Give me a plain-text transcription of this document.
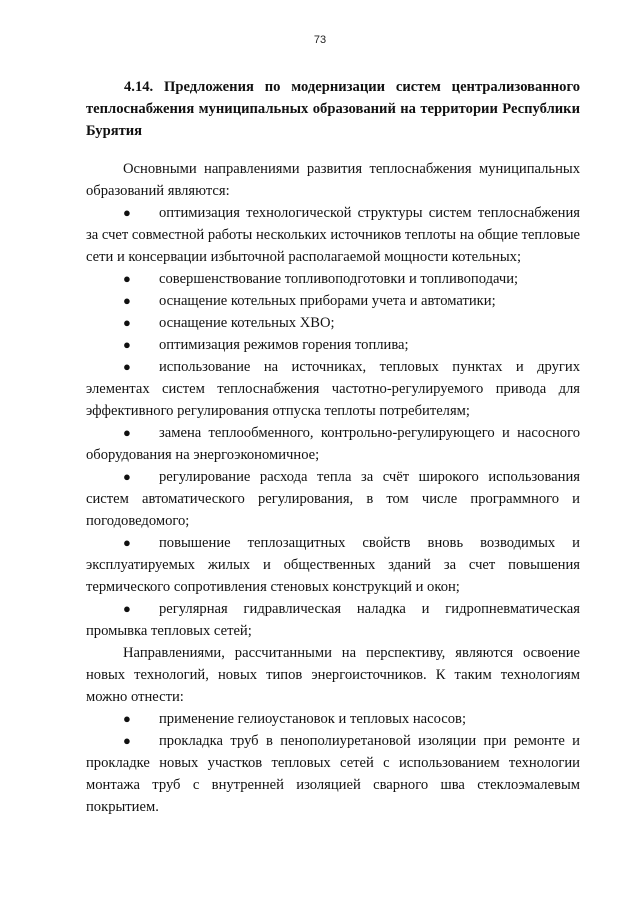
73
4.14. Предложения по модернизации систем централизованного теплоснабжения муниципальных образований на территории Республики Бурятия

Основными направлениями развития теплоснабжения муниципальных образований являются:

● оптимизация технологической структуры систем теплоснабжения за счет совместной работы нескольких источников теплоты на общие тепловые сети и консервации избыточной располагаемой мощности котельных;

● совершенствование топливоподготовки и топливоподачи;

● оснащение котельных приборами учета и автоматики;

● оснащение котельных ХВО;

● оптимизация режимов горения топлива;

● использование на источниках, тепловых пунктах и других элементах систем теплоснабжения частотно-регулируемого привода для эффективного регулирования отпуска теплоты потребителям;

● замена теплообменного, контрольно-регулирующего и насосного оборудования на энергоэкономичное;

● регулирование расхода тепла за счёт широкого использования систем автоматического регулирования, в том числе программного и погодоведомого;

● повышение теплозащитных свойств вновь возводимых и эксплуатируемых жилых и общественных зданий за счет повышения термического сопротивления стеновых конструкций и окон;

● регулярная гидравлическая наладка и гидропневматическая промывка тепловых сетей;

Направлениями, рассчитанными на перспективу, являются освоение новых технологий, новых типов энергоисточников. К таким технологиям можно отнести:

● применение гелиоустановок и тепловых насосов;

● прокладка труб в пенополиуретановой изоляции при ремонте и прокладке новых участков тепловых сетей с использованием технологии монтажа труб с внутренней изоляцией сварного шва стеклоэмалевым покрытием.
